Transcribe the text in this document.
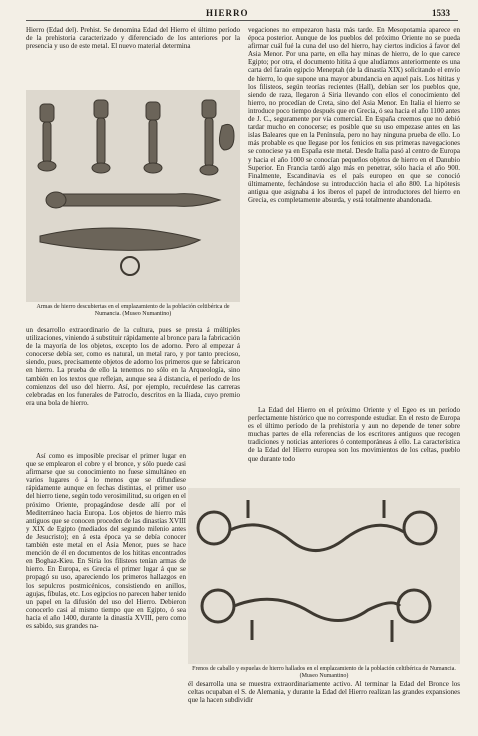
HIERRO	1533

Hierro (Edad del). Prehist. Se denomina Edad del Hierro el último período de la prehistoria caracterizado y diferenciado de los anteriores por la presencia y uso de este metal. El nuevo material determina

Armas de hierro descubiertas en el emplazamiento de la población celtibérica de Numancia. (Museo Numantino)

un desarrollo extraordinario de la cultura, pues se presta á múltiples utilizaciones, viniendo á substituir rápidamente al bronce para la fabricación de la mayoría de los objetos, excepto los de adorno. Pero al empezar á conocerse debía ser, como es natural, un metal raro, y por tanto precioso, siendo, pues, precisamente objetos de adorno los primeros que se fabricaron en hierro. La prueba de ello la tenemos no sólo en la Arqueología, sino también en los textos que reflejan, aunque sea á distancia, el período de los comienzos del uso del hierro. Así, por ejemplo, recuérdese las carreras celebradas en los funerales de Patroclo, descritos en la Iliada, cuyo premio era una bola de hierro.

Así como es imposible precisar el primer lugar en que se emplearon el cobre y el bronce, y sólo puede casi afirmarse que su conocimiento no fuese simultáneo en varios lugares ó á lo menos que se difundiese rápidamente aunque en fechas distintas, el primer uso del hierro tiene, según todo verosimilitud, su origen en el próximo Oriente, propagándose desde allí por el Mediterráneo hacia Europa. Los objetos de hierro más antiguos que se conocen proceden de las dinastías XVIII y XIX de Egipto (mediados del segundo milenio antes de Jesucristo); en á esta época ya se debía conocer también este metal en el Asia Menor, pues se hace mención de él en documentos de los hititas encontrados en Boghaz-Kieu. En Siria los filisteos tenían armas de hierro. En Europa, es Grecia el primer lugar á que se propagó su uso, apareciendo los primeros hallazgos en los sepulcros postmicénicos, consistiendo en anillos, agujas, fíbulas, etc. Los egipcios no parecen haber tenido un papel en la difusión del uso del Hierro. Debieron conocerlo casi al mismo tiempo que en Egipto, ó sea hacia el año 1400, durante la dinastía XVIII, pero como es sabido, sus grandes na-

vegaciones no empezaron hasta más tarde. En Mesopotamia aparece en época posterior. Aunque de los pueblos del próximo Oriente no se pueda afirmar cuál fué la cuna del uso del hierro, hay ciertos indicios á favor del Asia Menor. Por una parte, en ella hay minas de hierro, de lo que carece Egipto; por otra, el documento hitita á que aludíamos anteriormente es una carta del faraón egipcio Meneptah (de la dinastía XIX) solicitando el envío de hierro, lo que supone una mayor abundancia en aquel país. Los hititas y los filisteos, según teorías recientes (Hall), debían ser los pueblos que, siendo de raza, llegaron á Siria llevando con ellos el conocimiento del hierro, no procedían de Creta, sino del Asia Menor. En Italia el hierro se introduce poco tiempo después que en Grecia, ó sea hacia el año 1100 antes de J. C., seguramente por vía comercial. En España creemos que no debió tardar mucho en conocerse; es posible que su uso empezase antes en las islas Baleares que en la Península, pero no hay ninguna prueba de ello. Lo más probable es que llegase por los fenicios en sus primeras navegaciones se conociese ya en España este metal. Desde Italia pasó al centro de Europa y hacia el año 1000 se conocían pequeños objetos de hierro en el Danubio Superior. En Francia tardó algo más en penetrar, sólo hacia el año 900. Finalmente, Escandinavia es el país europeo en que se conoció últimamente, fechándose su introducción hacia el año 800. La hipótesis antigua que asignaba á los iberos el papel de introductores del hierro en Grecia, es completamente absurda, y está totalmente abandonada.

La Edad del Hierro en el próximo Oriente y el Egeo es un período perfectamente histórico que no corresponde estudiar. En el resto de Europa es el último período de la prehistoria y aun no depende de tener sobre muchas partes de ella referencias de los escritores antiguos que recogen tradiciones y noticias anteriores ó contemporáneas á ello. La característica de la Edad del Hierro europea son los movimientos de los celtas, pueblo que durante todo

Frenos de caballo y espuelas de hierro hallados en el emplazamiento de la población celtibérica de Numancia. (Museo Numantino)

él desarrolla una se muestra extraordinariamente activo. Al terminar la Edad del Bronce los celtas ocupaban el S. de Alemania, y durante la Edad del Hierro realizan las grandes expansiones que la hacen subdividir
